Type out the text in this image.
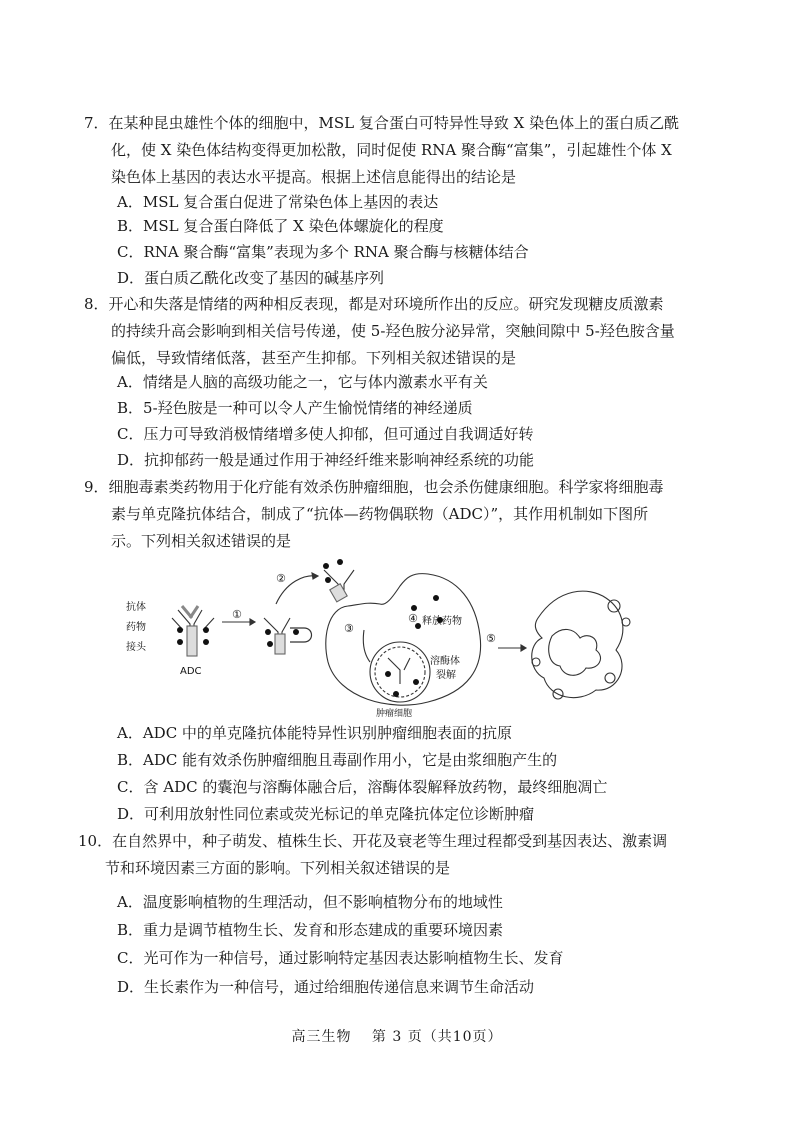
7．在某种昆虫雄性个体的细胞中，MSL 复合蛋白可特异性导致 X 染色体上的蛋白质乙酰
化，使 X 染色体结构变得更加松散，同时促使 RNA 聚合酶“富集”，引起雄性个体 X
染色体上基因的表达水平提高。根据上述信息能得出的结论是
A．MSL 复合蛋白促进了常染色体上基因的表达
B．MSL 复合蛋白降低了 X 染色体螺旋化的程度
C．RNA 聚合酶“富集”表现为多个 RNA 聚合酶与核糖体结合
D．蛋白质乙酰化改变了基因的碱基序列
8．开心和失落是情绪的两种相反表现，都是对环境所作出的反应。研究发现糖皮质激素
的持续升高会影响到相关信号传递，使 5-羟色胺分泌异常，突触间隙中 5-羟色胺含量
偏低，导致情绪低落，甚至产生抑郁。下列相关叙述错误的是
A．情绪是人脑的高级功能之一，它与体内激素水平有关
B．5-羟色胺是一种可以令人产生愉悦情绪的神经递质
C．压力可导致消极情绪增多使人抑郁，但可通过自我调适好转
D．抗抑郁药一般是通过作用于神经纤维来影响神经系统的功能
9．细胞毒素类药物用于化疗能有效杀伤肿瘤细胞，也会杀伤健康细胞。科学家将细胞毒
素与单克隆抗体结合，制成了“抗体—药物偶联物（ADC）”，其作用机制如下图所
示。下列相关叙述错误的是
抗体
药物
接头
ADC
①
②
③
④
⑤
释放药物
溶酶体
裂解
肿瘤细胞
A．ADC 中的单克隆抗体能特异性识别肿瘤细胞表面的抗原
B．ADC 能有效杀伤肿瘤细胞且毒副作用小，它是由浆细胞产生的
C．含 ADC 的囊泡与溶酶体融合后，溶酶体裂解释放药物，最终细胞凋亡
D．可利用放射性同位素或荧光标记的单克隆抗体定位诊断肿瘤
10．在自然界中，种子萌发、植株生长、开花及衰老等生理过程都受到基因表达、激素调
节和环境因素三方面的影响。下列相关叙述错误的是
A．温度影响植物的生理活动，但不影响植物分布的地域性
B．重力是调节植物生长、发育和形态建成的重要环境因素
C．光可作为一种信号，通过影响特定基因表达影响植物生长、发育
D．生长素作为一种信号，通过给细胞传递信息来调节生命活动
高三生物　 第 3 页（共10页）
